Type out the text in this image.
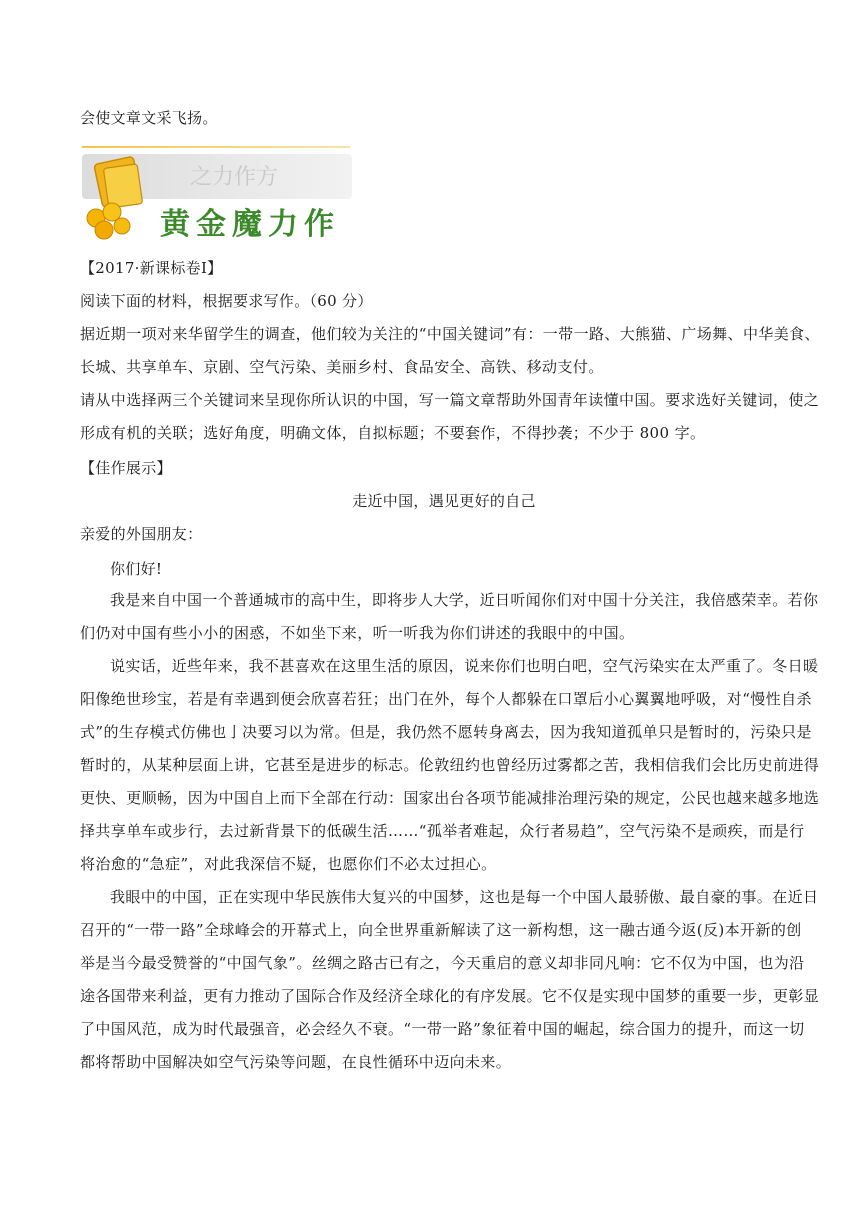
会使文章文采飞扬。
之力作方
黄金魔力作
【2017·新课标卷Ⅰ】
阅读下面的材料，根据要求写作。（60 分）
据近期一项对来华留学生的调查，他们较为关注的“中国关键词”有：一带一路、大熊猫、广场舞、中华美食、
长城、共享单车、京剧、空气污染、美丽乡村、食品安全、高铁、移动支付。
请从中选择两三个关键词来呈现你所认识的中国，写一篇文章帮助外国青年读懂中国。要求选好关键词，使之
形成有机的关联；选好角度，明确文体，自拟标题；不要套作，不得抄袭；不少于 800 字。
【佳作展示】
走近中国，遇见更好的自己
亲爱的外国朋友：
你们好!
我是来自中国一个普通城市的高中生，即将步人大学，近日听闻你们对中国十分关注，我倍感荣幸。若你
们仍对中国有些小小的困惑，不如坐下来，听一听我为你们讲述的我眼中的中国。
说实话，近些年来，我不甚喜欢在这里生活的原因，说来你们也明白吧，空气污染实在太严重了。冬日暖
阳像绝世珍宝，若是有幸遇到便会欣喜若狂；出门在外，每个人都躲在口罩后小心翼翼地呼吸，对“慢性自杀
式”的生存模式仿佛也亅决要习以为常。但是，我仍然不愿转身离去，因为我知道孤单只是暂时的，污染只是
暂时的，从某种层面上讲，它甚至是进步的标志。伦敦纽约也曾经历过雾都之苦，我相信我们会比历史前进得
更快、更顺畅，因为中国自上而下全部在行动：国家出台各项节能减排治理污染的规定，公民也越来越多地选
择共享单车或步行，去过新背景下的低碳生活……“孤举者难起，众行者易趋”，空气污染不是顽疾，而是行
将治愈的“急症”，对此我深信不疑，也愿你们不必太过担心。
我眼中的中国，正在实现中华民族伟大复兴的中国梦，这也是每一个中国人最骄傲、最自豪的事。在近日
召开的“一带一路”全球峰会的开幕式上，向全世界重新解读了这一新构想，这一融古通今返(反)本开新的创
举是当今最受赞誉的“中国气象”。丝绸之路古已有之，今天重启的意义却非同凡响：它不仅为中国，也为沿
途各国带来利益，更有力推动了国际合作及经济全球化的有序发展。它不仅是实现中国梦的重要一步，更彰显
了中国风范，成为时代最强音，必会经久不衰。“一带一路”象征着中国的崛起，综合国力的提升，而这一切
都将帮助中国解决如空气污染等问题，在良性循环中迈向未来。
